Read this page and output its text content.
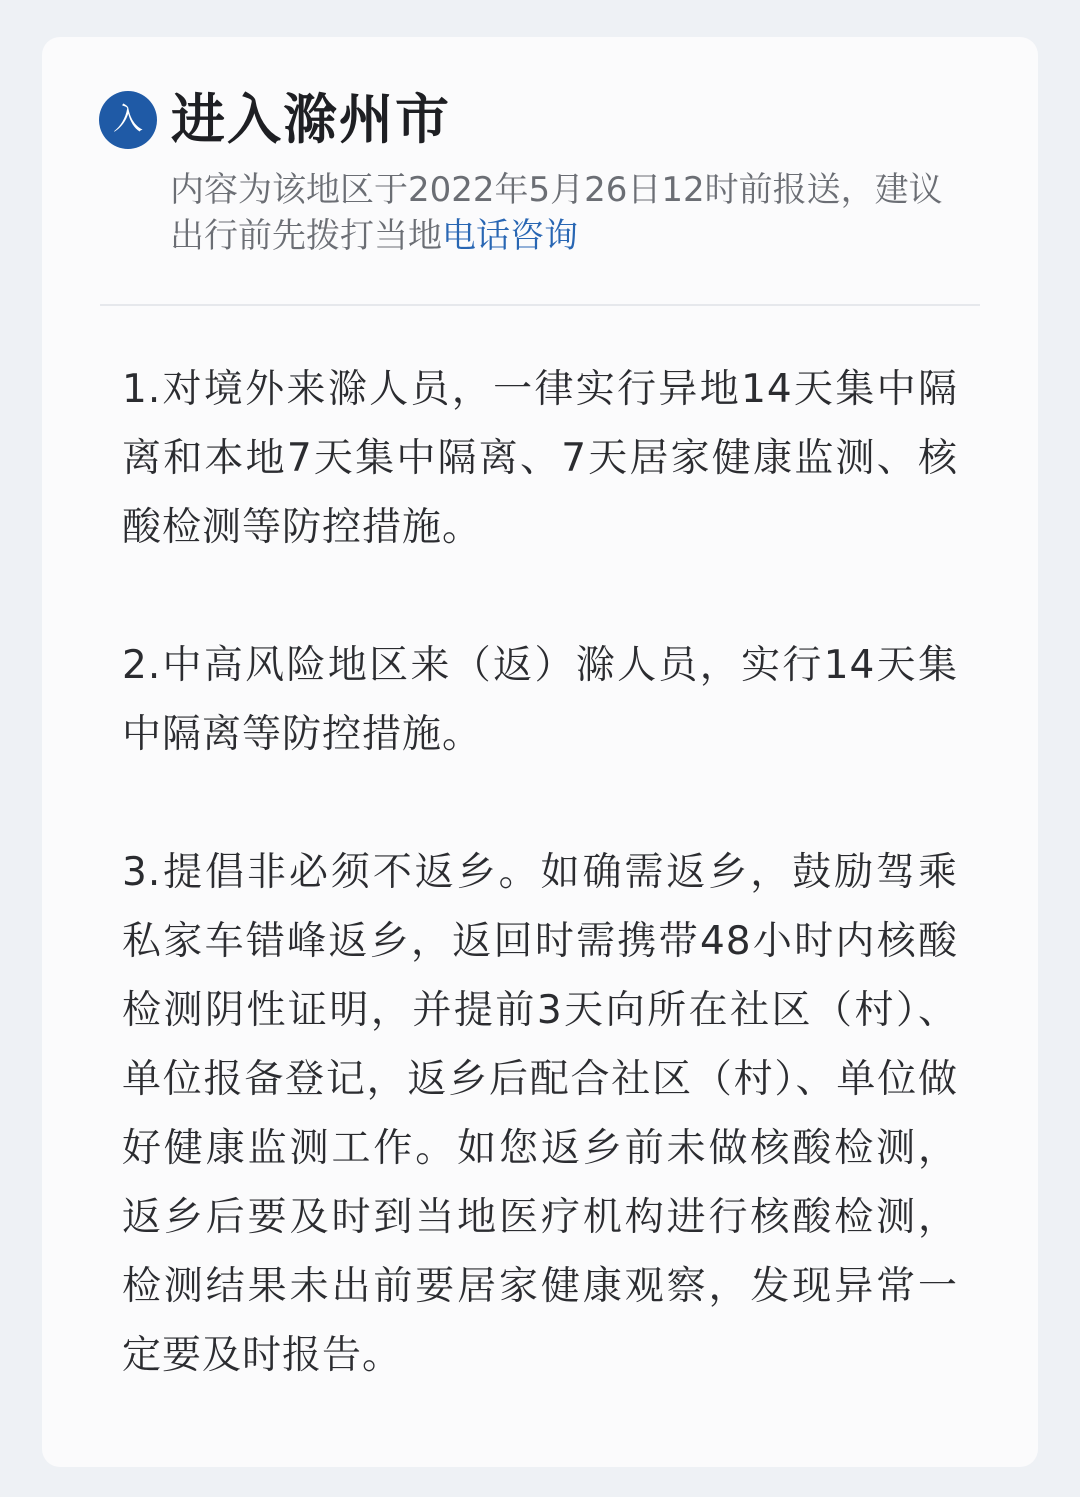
入 进入滁州市
内容为该地区于2022年5月26日12时前报送，建议出行前先拨打当地电话咨询

1.对境外来滁人员，一律实行异地14天集中隔离和本地7天集中隔离、7天居家健康监测、核酸检测等防控措施。

2.中高风险地区来（返）滁人员，实行14天集中隔离等防控措施。

3.提倡非必须不返乡。如确需返乡，鼓励驾乘私家车错峰返乡，返回时需携带48小时内核酸检测阴性证明，并提前3天向所在社区（村）、单位报备登记，返乡后配合社区（村）、单位做好健康监测工作。如您返乡前未做核酸检测，返乡后要及时到当地医疗机构进行核酸检测，检测结果未出前要居家健康观察，发现异常一定要及时报告。
